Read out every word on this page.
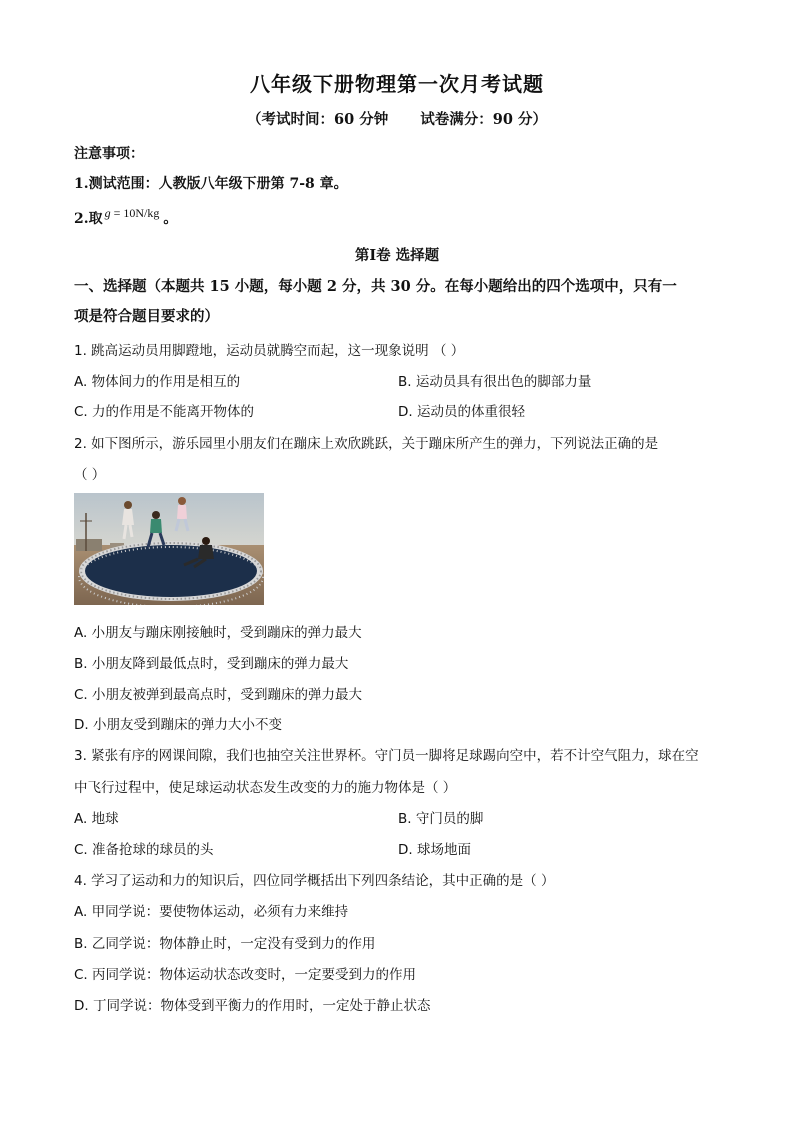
八年级下册物理第一次月考试题
（考试时间：60 分钟 试卷满分：90 分）
注意事项：
1.测试范围：人教版八年级下册第 7-8 章。
2.取 g = 10N/kg 。
第Ⅰ卷 选择题
一、选择题（本题共 15 小题，每小题 2 分，共 30 分。在每小题给出的四个选项中，只有一
项是符合题目要求的）
1. 跳高运动员用脚蹬地，运动员就腾空而起，这一现象说明 （ ）
A. 物体间力的作用是相互的	B. 运动员具有很出色的脚部力量
C. 力的作用是不能离开物体的	D. 运动员的体重很轻
2. 如下图所示，游乐园里小朋友们在蹦床上欢欣跳跃，关于蹦床所产生的弹力，下列说法正确的是
（ ）
A. 小朋友与蹦床刚接触时，受到蹦床的弹力最大
B. 小朋友降到最低点时，受到蹦床的弹力最大
C. 小朋友被弹到最高点时，受到蹦床的弹力最大
D. 小朋友受到蹦床的弹力大小不变
3. 紧张有序的网课间隙，我们也抽空关注世界杯。守门员一脚将足球踢向空中，若不计空气阻力，球在空
中飞行过程中，使足球运动状态发生改变的力的施力物体是（ ）
A. 地球	B. 守门员的脚
C. 准备抢球的球员的头	D. 球场地面
4. 学习了运动和力的知识后，四位同学概括出下列四条结论，其中正确的是（ ）
A. 甲同学说：要使物体运动，必须有力来维持
B. 乙同学说：物体静止时，一定没有受到力的作用
C. 丙同学说：物体运动状态改变时，一定要受到力的作用
D. 丁同学说：物体受到平衡力的作用时，一定处于静止状态
